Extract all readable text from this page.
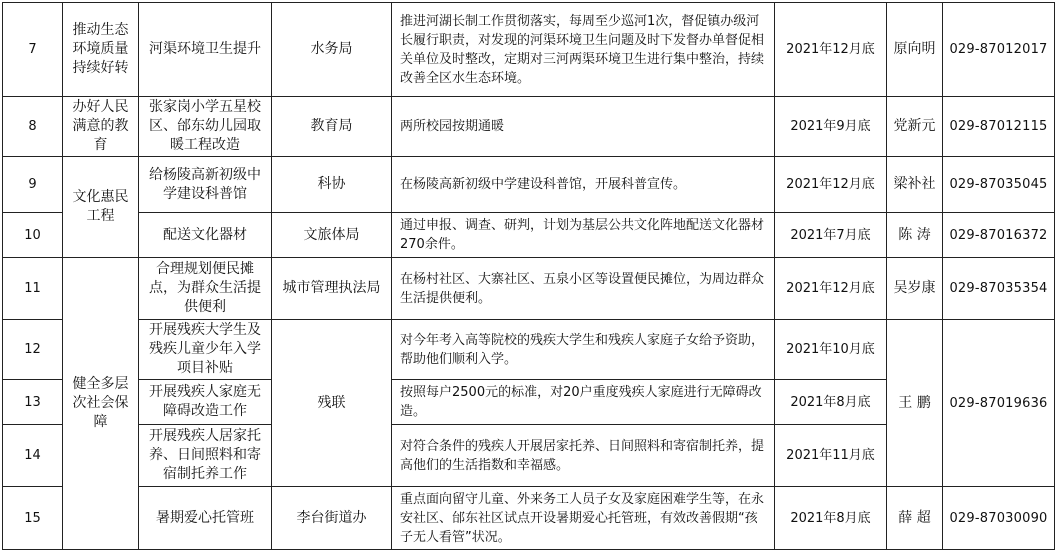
7	推动生态环境质量持续好转	河渠环境卫生提升	水务局	推进河湖长制工作贯彻落实，每周至少巡河1次，督促镇办级河长履行职责，对发现的河渠环境卫生问题及时下发督办单督促相关单位及时整改，定期对三河两渠环境卫生进行集中整治，持续改善全区水生态环境。	2021年12月底	原向明	029-87012017
8	办好人民满意的教育	张家岗小学五星校区、邰东幼儿园取暖工程改造	教育局	两所校园按期通暖	2021年9月底	党新元	029-87012115
9	文化惠民工程	给杨陵高新初级中学建设科普馆	科协	在杨陵高新初级中学建设科普馆，开展科普宣传。	2021年12月底	梁补社	029-87035045
10		配送文化器材	文旅体局	通过申报、调查、研判，计划为基层公共文化阵地配送文化器材270余件。	2021年7月底	陈 涛	029-87016372
11	健全多层次社会保障	合理规划便民摊点，为群众生活提供便利	城市管理执法局	在杨村社区、大寨社区、五泉小区等设置便民摊位，为周边群众生活提供便利。	2021年12月底	吴岁康	029-87035354
12		开展残疾大学生及残疾儿童少年入学项目补贴	残联	对今年考入高等院校的残疾大学生和残疾人家庭子女给予资助，帮助他们顺利入学。	2021年10月底	王 鹏	029-87019636
13		开展残疾人家庭无障碍改造工作		按照每户2500元的标准，对20户重度残疾人家庭进行无障碍改造。	2021年8月底		
14		开展残疾人居家托养、日间照料和寄宿制托养工作		对符合条件的残疾人开展居家托养、日间照料和寄宿制托养，提高他们的生活指数和幸福感。	2021年11月底		
15		暑期爱心托管班	李台街道办	重点面向留守儿童、外来务工人员子女及家庭困难学生等，在永安社区、邰东社区试点开设暑期爱心托管班，有效改善假期“孩子无人看管”状况。	2021年8月底	薛 超	029-87030090
